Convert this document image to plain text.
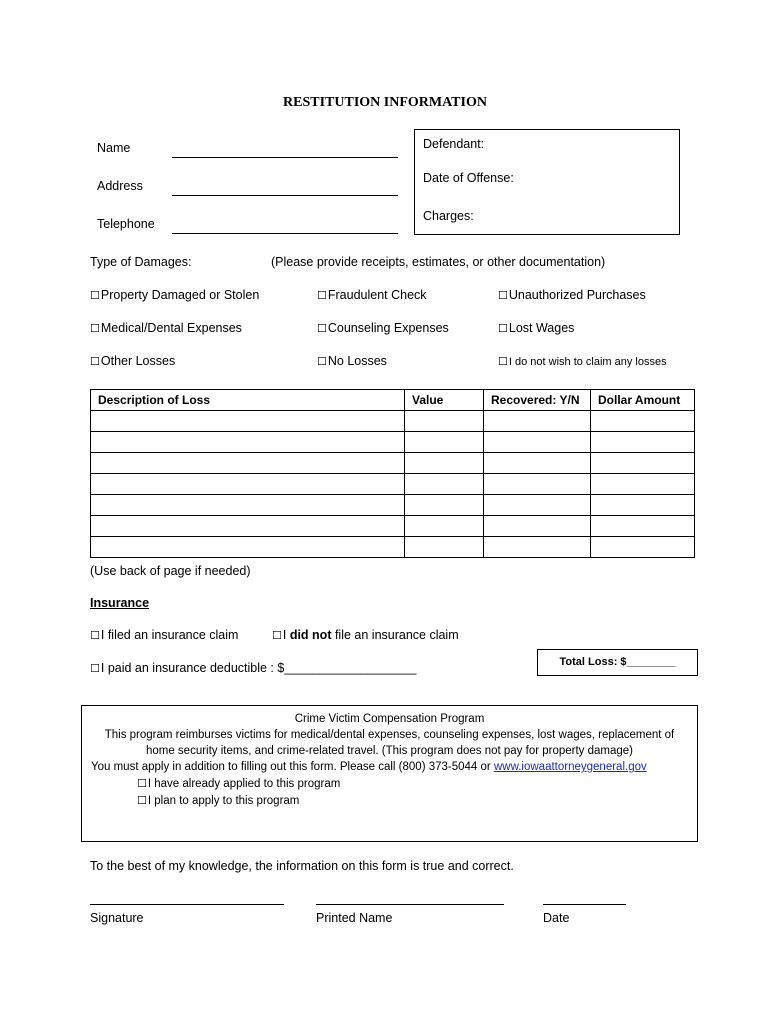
RESTITUTION INFORMATION
Name
Address
Telephone
Defendant:
Date of Offense:
Charges:
Type of Damages:	(Please provide receipts, estimates, or other documentation)
☐Property Damaged or Stolen	☐Fraudulent Check	☐Unauthorized Purchases
☐Medical/Dental Expenses	☐Counseling Expenses	☐Lost Wages
☐Other Losses	☐No Losses	☐I do not wish to claim any losses
Description of Loss	Value	Recovered: Y/N	Dollar Amount

(Use back of page if needed)
Insurance
☐I filed an insurance claim	☐I did not file an insurance claim
☐I paid an insurance deductible : $___________________	Total Loss: $________
Crime Victim Compensation Program
This program reimburses victims for medical/dental expenses, counseling expenses, lost wages, replacement of
home security items, and crime-related travel. (This program does not pay for property damage)
You must apply in addition to filling out this form. Please call (800) 373-5044 or www.iowaattorneygeneral.gov
☐I have already applied to this program
☐I plan to apply to this program
To the best of my knowledge, the information on this form is true and correct.
Signature	Printed Name	Date
